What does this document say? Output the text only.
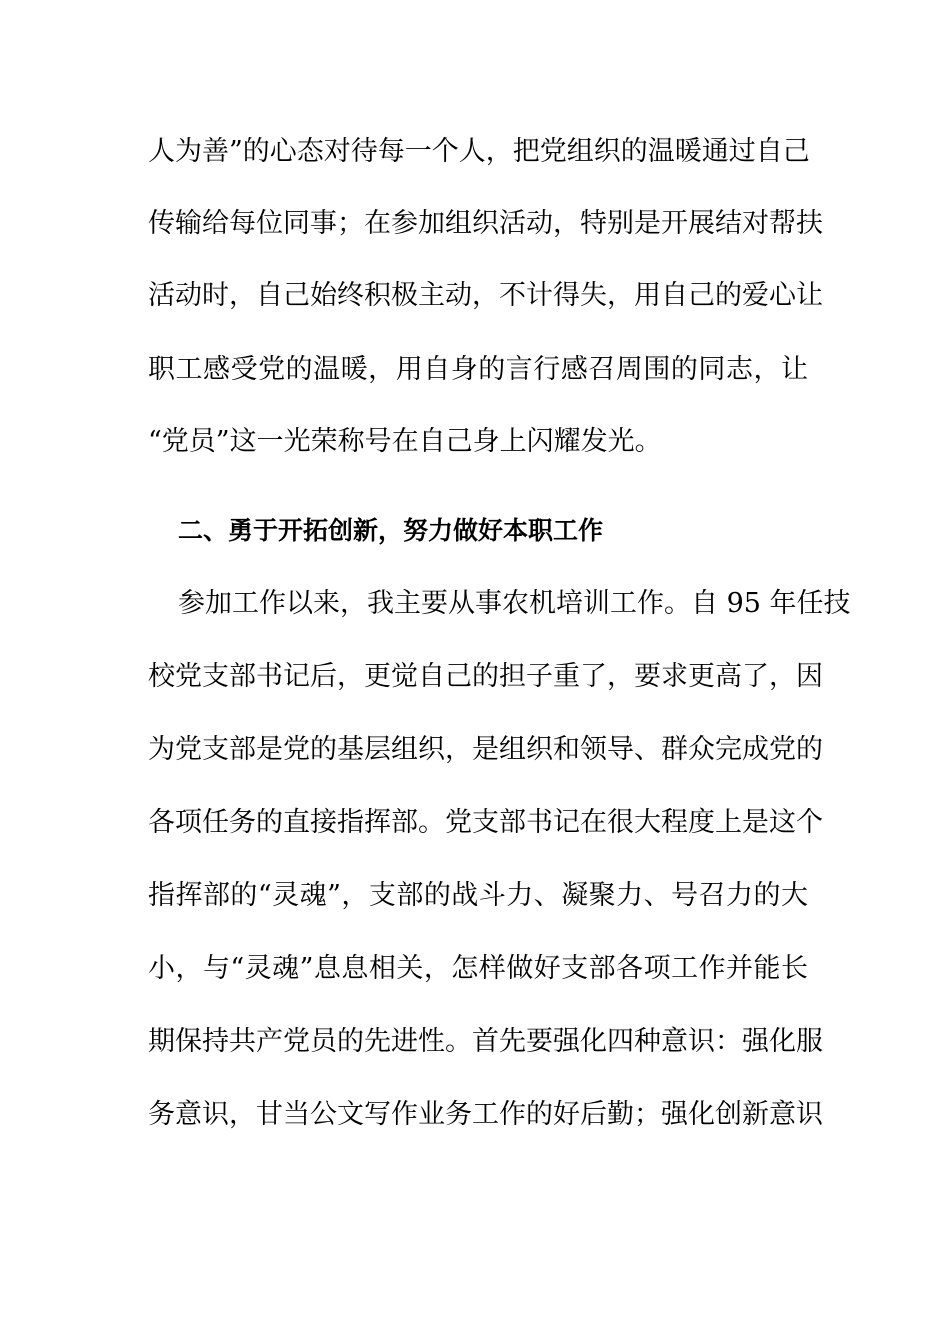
人为善”的心态对待每一个人，把党组织的温暖通过自己
传输给每位同事；在参加组织活动，特别是开展结对帮扶
活动时，自己始终积极主动，不计得失，用自己的爱心让
职工感受党的温暖，用自身的言行感召周围的同志，让
“党员”这一光荣称号在自己身上闪耀发光。
二、勇于开拓创新，努力做好本职工作
参加工作以来，我主要从事农机培训工作。自 95 年任技
校党支部书记后，更觉自己的担子重了，要求更高了，因
为党支部是党的基层组织，是组织和领导、群众完成党的
各项任务的直接指挥部。党支部书记在很大程度上是这个
指挥部的“灵魂”，支部的战斗力、凝聚力、号召力的大
小，与“灵魂”息息相关，怎样做好支部各项工作并能长
期保持共产党员的先进性。首先要强化四种意识：强化服
务意识，甘当公文写作业务工作的好后勤；强化创新意识
